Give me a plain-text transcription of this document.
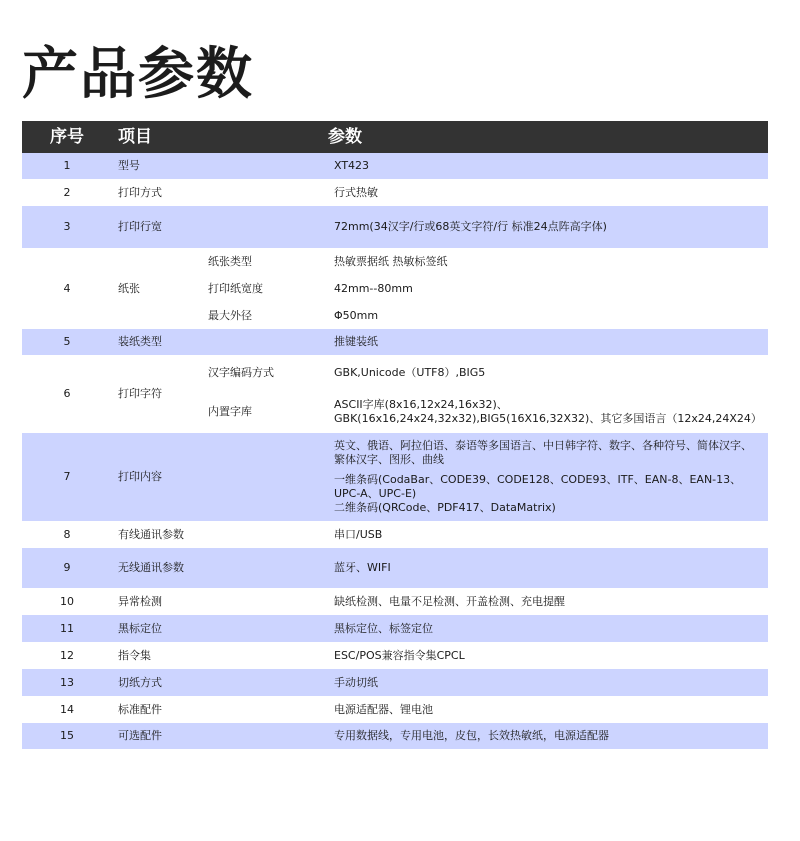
产品参数
序号	项目		参数
1	型号		XT423
2	打印方式		行式热敏
3	打印行宽		72mm(34汉字/行或68英文字符/行 标准24点阵高字体)
4	纸张	纸张类型	热敏票据纸 热敏标签纸
		打印纸宽度	42mm--80mm
		最大外径	Φ50mm
5	装纸类型		推键装纸
6	打印字符	汉字编码方式	GBK,Unicode（UTF8）,BIG5
		内置字库	ASCII字库(8x16,12x24,16x32)、GBK(16x16,24x24,32x32),BIG5(16X16,32X32)、其它多国语言（12x24,24X24）
7	打印内容		英文、俄语、阿拉伯语、泰语等多国语言、中日韩字符、数字、各种符号、简体汉字、繁体汉字、图形、曲线
一维条码(CodaBar、CODE39、CODE128、CODE93、ITF、EAN-8、EAN-13、UPC-A、UPC-E)
二维条码(QRCode、PDF417、DataMatrix)

8	有线通讯参数		串口/USB
9	无线通讯参数		蓝牙、WIFI
10	异常检测		缺纸检测、电量不足检测、开盖检测、充电提醒
11	黑标定位		黑标定位、标签定位
12	指令集		ESC/POS兼容指令集CPCL
13	切纸方式		手动切纸
14	标准配件		电源适配器、锂电池
15	可选配件		专用数据线，专用电池，皮包，长效热敏纸，电源适配器
